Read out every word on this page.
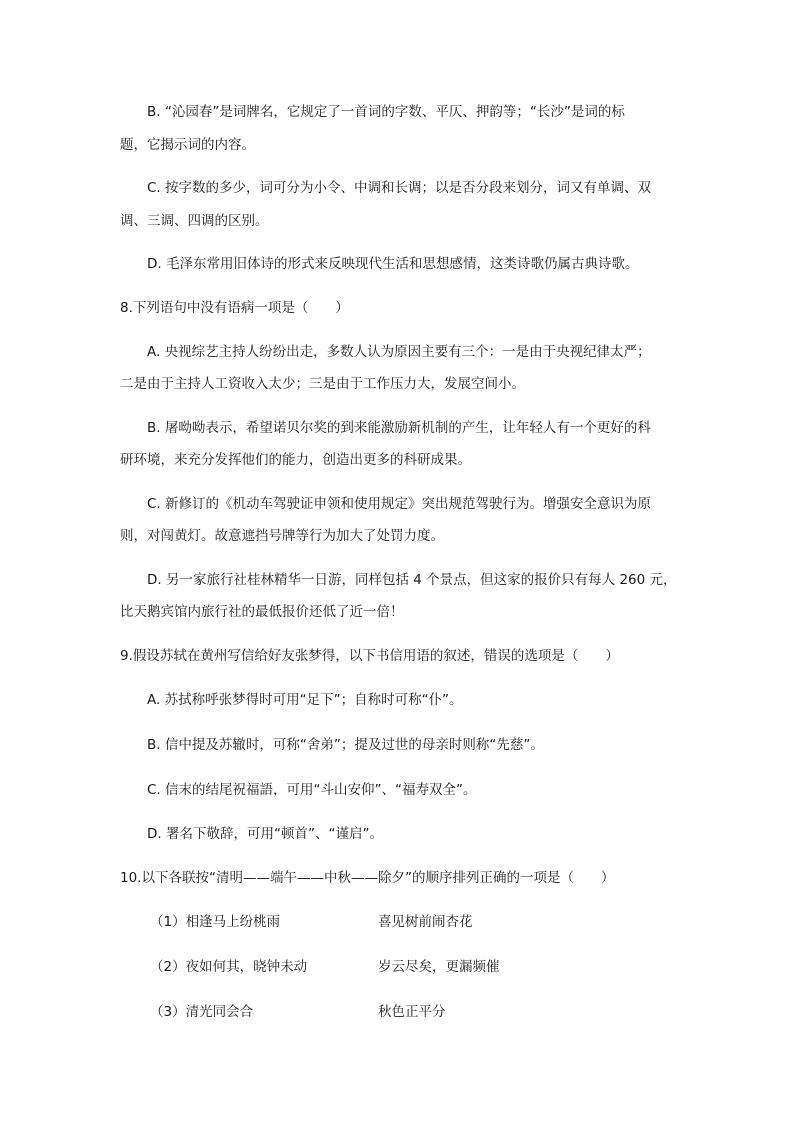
B. “沁园春”是词牌名，它规定了一首词的字数、平仄、押韵等；“长沙”是词的标
题，它揭示词的内容。
C. 按字数的多少，词可分为小令、中调和长调；以是否分段来划分，词又有单调、双
调、三调、四调的区别。
D. 毛泽东常用旧体诗的形式来反映现代生活和思想感情，这类诗歌仍属古典诗歌。
8.下列语句中没有语病一项是（　　）
A. 央视综艺主持人纷纷出走，多数人认为原因主要有三个：一是由于央视纪律太严；
二是由于主持人工资收入太少；三是由于工作压力大，发展空间小。
B. 屠呦呦表示，希望诺贝尔奖的到来能激励新机制的产生，让年轻人有一个更好的科
研环境，来充分发挥他们的能力，创造出更多的科研成果。
C. 新修订的《机动车驾驶证申领和使用规定》突出规范驾驶行为。增强安全意识为原
则，对闯黄灯。故意遮挡号牌等行为加大了处罚力度。
D. 另一家旅行社桂林精华一日游，同样包括 4 个景点，但这家的报价只有每人 260 元，
比天鹅宾馆内旅行社的最低报价还低了近一倍！
9.假设苏轼在黄州写信给好友张梦得，以下书信用语的叙述，错误的选项是（　　）
A. 苏拭称呼张梦得时可用“足下”；自称时可称“仆”。
B. 信中提及苏辙时，可称“舍弟”；提及过世的母亲时则称“先慈”。
C. 信末的结尾祝福語，可用“斗山安仰”、“福寿双全”。
D. 署名下敬辞，可用“顿首”、“谨启”。
10.以下各联按“清明——端午——中秋——除夕”的顺序排列正确的一项是（　　）
（1）相逢马上纷桃雨	喜见树前闹杏花
（2）夜如何其，晓钟未动	岁云尽矣，更漏频催
（3）清光同会合	秋色正平分
